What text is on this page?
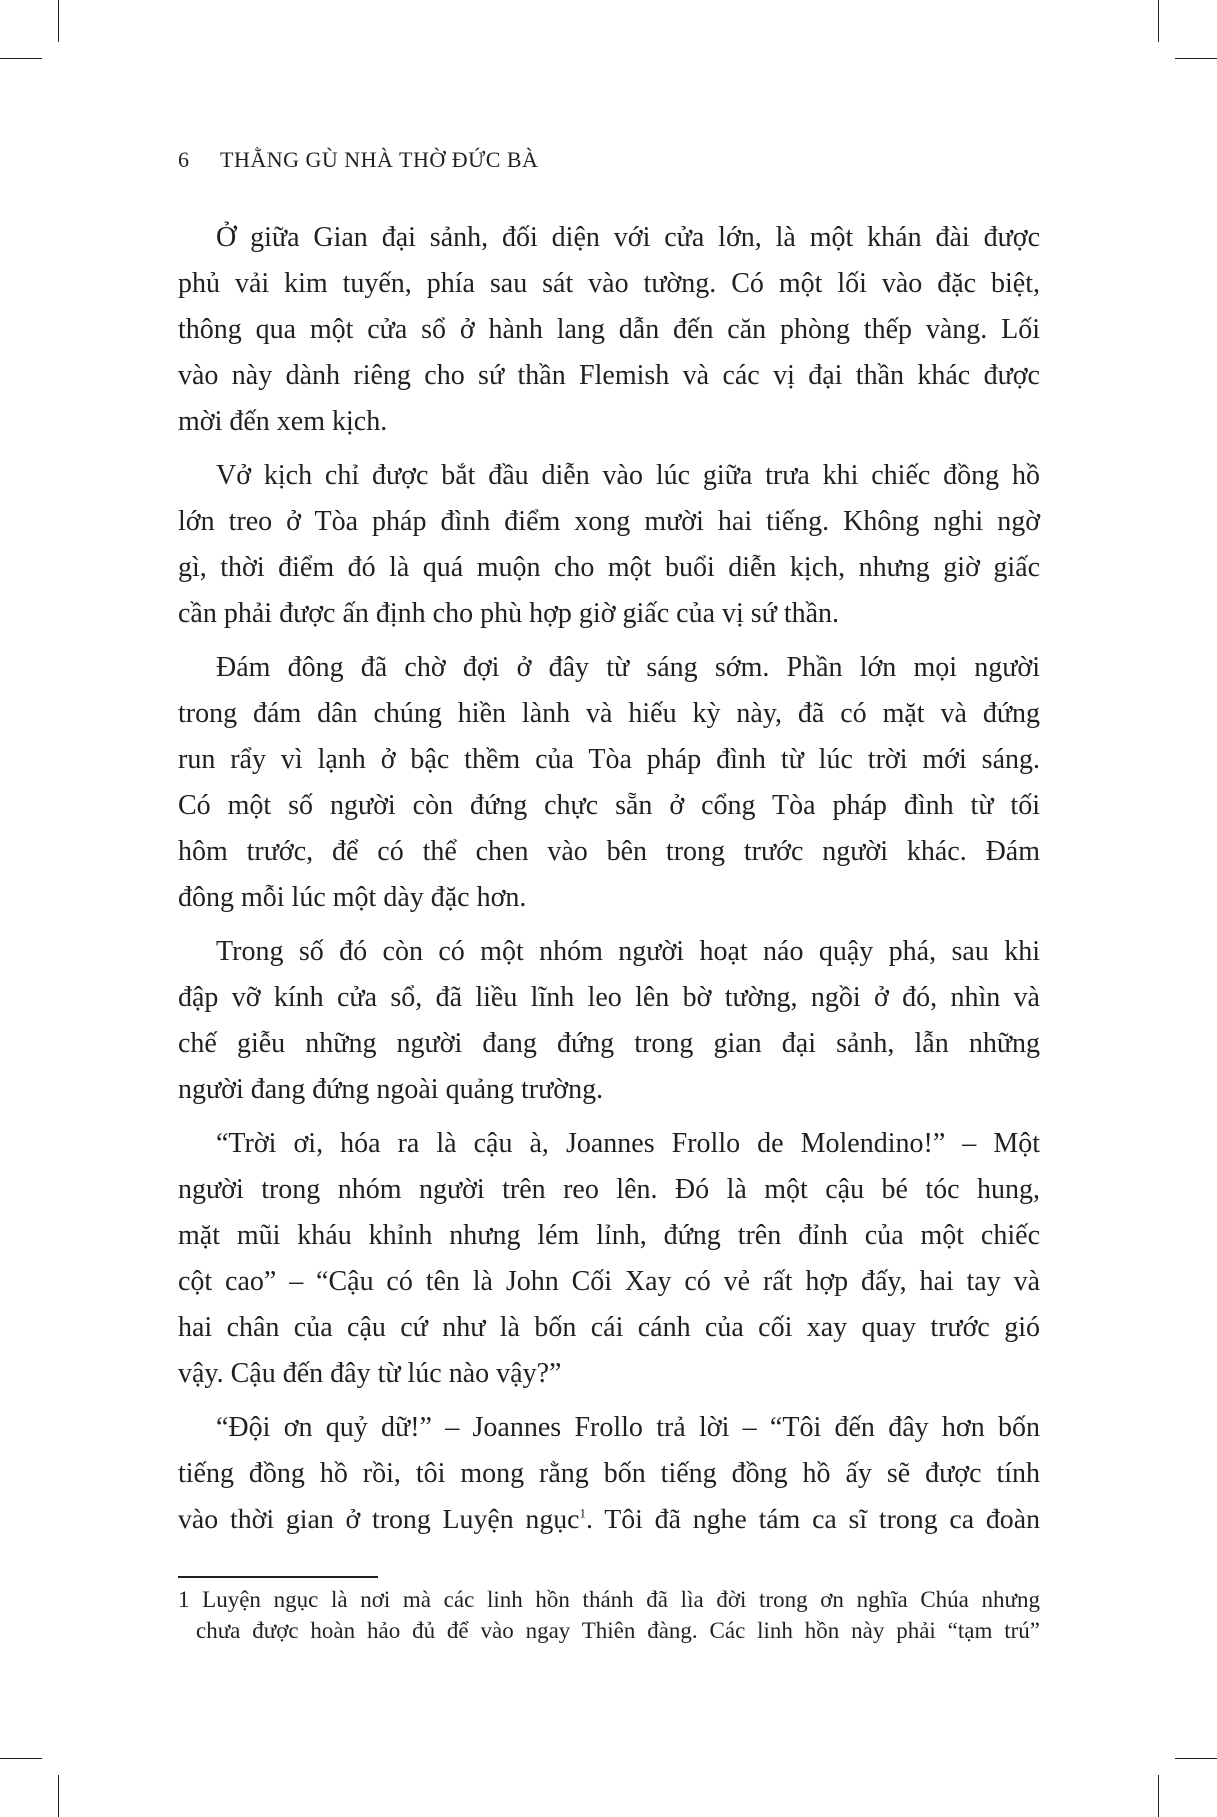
6 THẰNG GÙ NHÀ THỜ ĐỨC BÀ
Ở giữa Gian đại sảnh, đối diện với cửa lớn, là một khán đài được
phủ vải kim tuyến, phía sau sát vào tường. Có một lối vào đặc biệt,
thông qua một cửa sổ ở hành lang dẫn đến căn phòng thếp vàng. Lối
vào này dành riêng cho sứ thần Flemish và các vị đại thần khác được
mời đến xem kịch.
Vở kịch chỉ được bắt đầu diễn vào lúc giữa trưa khi chiếc đồng hồ
lớn treo ở Tòa pháp đình điểm xong mười hai tiếng. Không nghi ngờ
gì, thời điểm đó là quá muộn cho một buổi diễn kịch, nhưng giờ giấc
cần phải được ấn định cho phù hợp giờ giấc của vị sứ thần.
Đám đông đã chờ đợi ở đây từ sáng sớm. Phần lớn mọi người
trong đám dân chúng hiền lành và hiếu kỳ này, đã có mặt và đứng
run rẩy vì lạnh ở bậc thềm của Tòa pháp đình từ lúc trời mới sáng.
Có một số người còn đứng chực sẵn ở cổng Tòa pháp đình từ tối
hôm trước, để có thể chen vào bên trong trước người khác. Đám
đông mỗi lúc một dày đặc hơn.
Trong số đó còn có một nhóm người hoạt náo quậy phá, sau khi
đập vỡ kính cửa sổ, đã liều lĩnh leo lên bờ tường, ngồi ở đó, nhìn và
chế giễu những người đang đứng trong gian đại sảnh, lẫn những
người đang đứng ngoài quảng trường.
“Trời ơi, hóa ra là cậu à, Joannes Frollo de Molendino!” – Một
người trong nhóm người trên reo lên. Đó là một cậu bé tóc hung,
mặt mũi kháu khỉnh nhưng lém lỉnh, đứng trên đỉnh của một chiếc
cột cao” – “Cậu có tên là John Cối Xay có vẻ rất hợp đấy, hai tay và
hai chân của cậu cứ như là bốn cái cánh của cối xay quay trước gió
vậy. Cậu đến đây từ lúc nào vậy?”
“Đội ơn quỷ dữ!” – Joannes Frollo trả lời – “Tôi đến đây hơn bốn
tiếng đồng hồ rồi, tôi mong rằng bốn tiếng đồng hồ ấy sẽ được tính
vào thời gian ở trong Luyện ngục$^1$. Tôi đã nghe tám ca sĩ trong ca đoàn
1 Luyện ngục là nơi mà các linh hồn thánh đã lìa đời trong ơn nghĩa Chúa nhưng
chưa được hoàn hảo đủ để vào ngay Thiên đàng. Các linh hồn này phải “tạm trú”
